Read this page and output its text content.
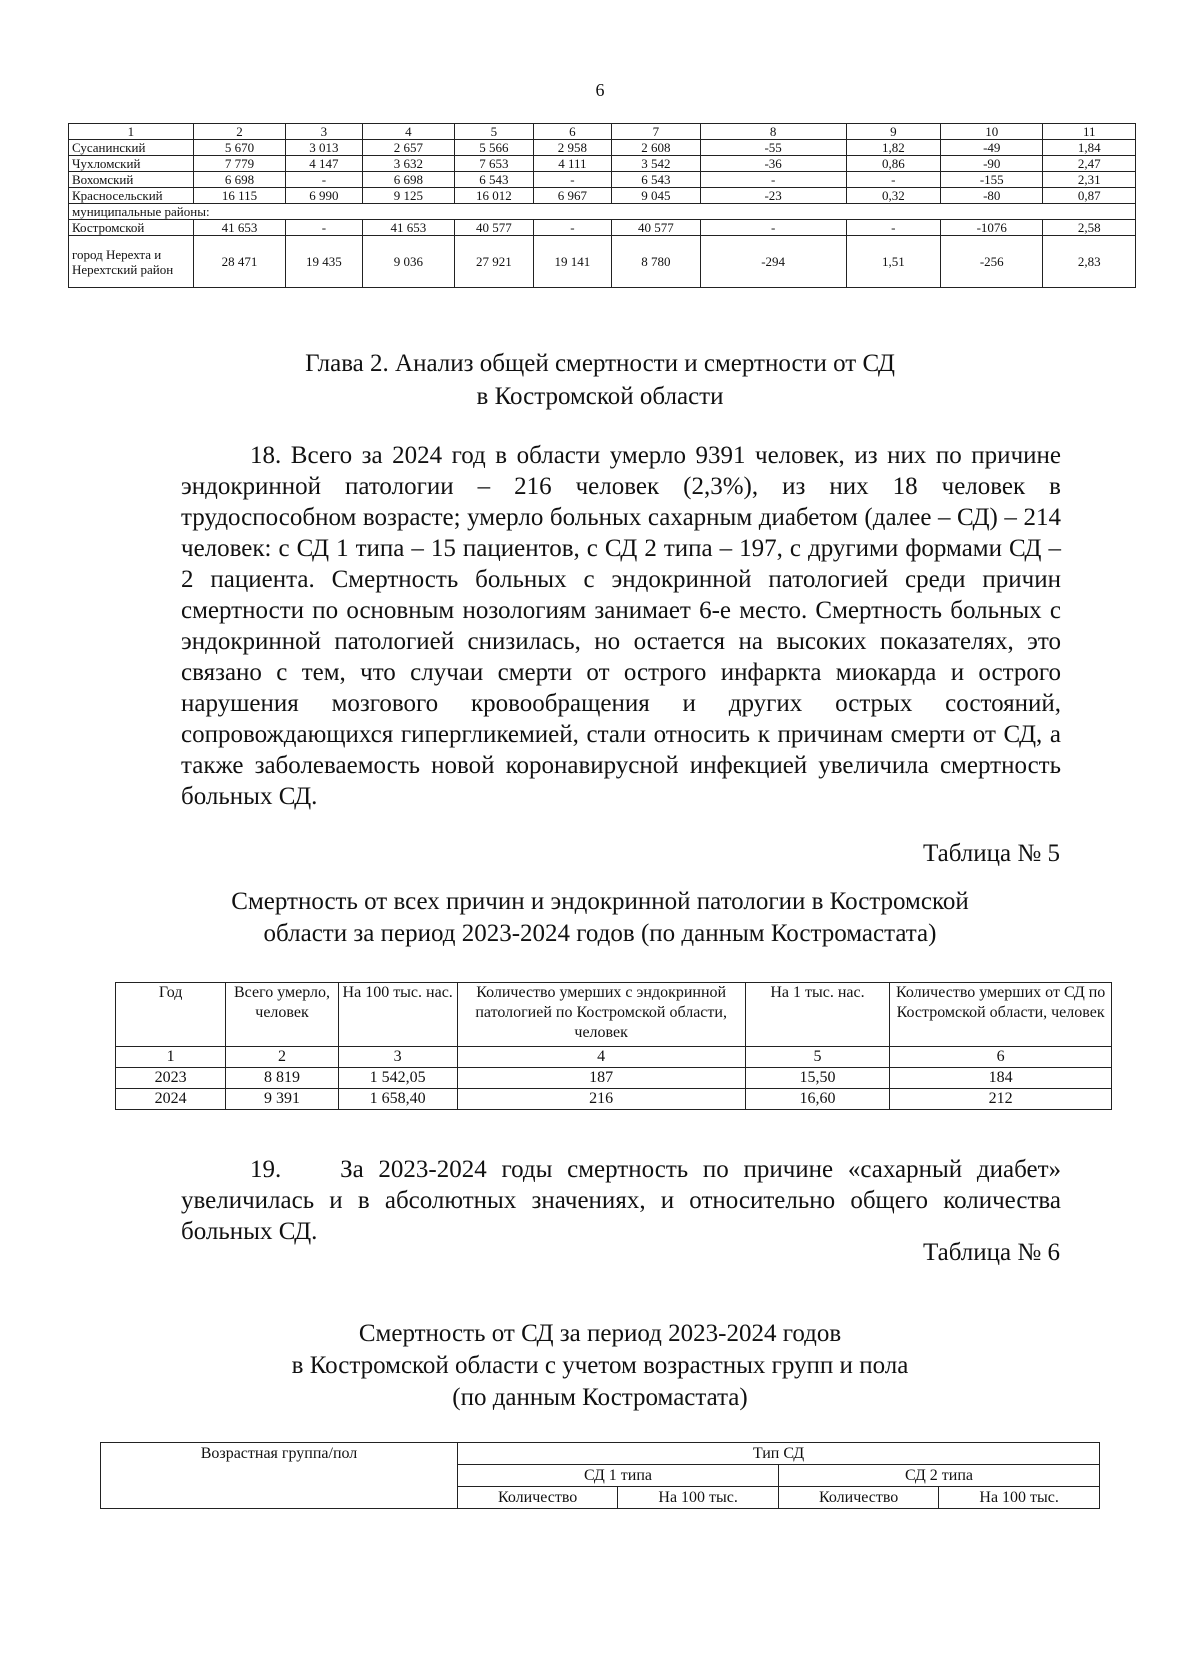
6
1	2	3	4	5	6	7	8	9	10	11
Сусанинский	5 670	3 013	2 657	5 566	2 958	2 608	-55	1,82	-49	1,84
Чухломский	7 779	4 147	3 632	7 653	4 111	3 542	-36	0,86	-90	2,47
Вохомский	6 698	-	6 698	6 543	-	6 543	-	-	-155	2,31
Красносельский	16 115	6 990	9 125	16 012	6 967	9 045	-23	0,32	-80	0,87
муниципальные районы:										
Костромской	41 653	-	41 653	40 577	-	40 577	-	-	-1076	2,58
город Нерехта и Нерехтский район	28 471	19 435	9 036	27 921	19 141	8 780	-294	1,51	-256	2,83
Глава 2. Анализ общей смертности и смертности от СД
в Костромской области

18. Всего за 2024 год в области умерло 9391 человек, из них по причине эндокринной патологии – 216 человек (2,3%), из них 18 человек в трудоспособном возрасте; умерло больных сахарным диабетом (далее – СД) – 214 человек: с СД 1 типа – 15 пациентов, с СД 2 типа – 197, с другими формами СД – 2 пациента. Смертность больных с эндокринной патологией среди причин смертности по основным нозологиям занимает 6-е место. Смертность больных с эндокринной патологией снизилась, но остается на высоких показателях, это связано с тем, что случаи смерти от острого инфаркта миокарда и острого нарушения мозгового кровообращения и других острых состояний, сопровождающихся гипергликемией, стали относить к причинам смерти от СД, а также заболеваемость новой коронавирусной инфекцией увеличила смертность больных СД.

Таблица № 5
Смертность от всех причин и эндокринной патологии в Костромской
области за период 2023-2024 годов (по данным Костромастата)
Год	Всего умерло, человек	На 100 тыс. нас.	Количество умерших с эндокринной патологией по Костромской области, человек	На 1 тыс. нас.	Количество умерших от СД по Костромской области, человек
1	2	3	4	5	6
2023	8 819	1 542,05	187	15,50	184
2024	9 391	1 658,40	216	16,60	212

19.    За 2023-2024 годы смертность по причине «сахарный диабет» увеличилась и в абсолютных значениях, и относительно общего количества больных СД.

Таблица № 6
Смертность от СД за период 2023-2024 годов
в Костромской области с учетом возрастных групп и пола
(по данным Костромастата)
Возрастная группа/пол	Тип СД			
	СД 1 типа		СД 2 типа	
	Количество	На 100 тыс.	Количество	На 100 тыс.
